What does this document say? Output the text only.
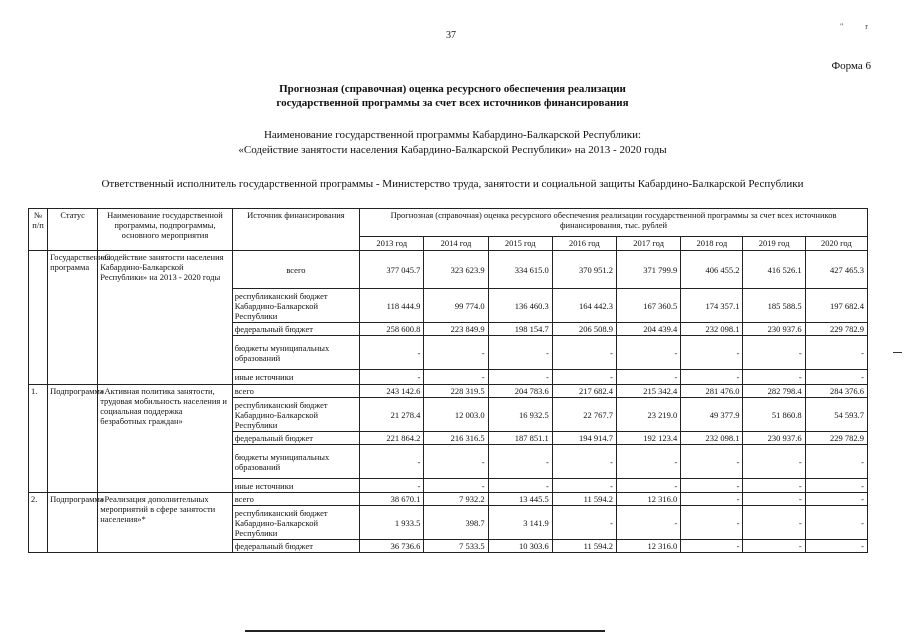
37
" r
Форма 6
Прогнозная (справочная) оценка ресурсного обеспечения реализации
государственной программы за счет всех источников финансирования
Наименование государственной программы Кабардино-Балкарской Республики:
«Содействие занятости населения Кабардино-Балкарской Республики» на 2013 - 2020 годы
Ответственный исполнитель государственной программы - Министерство труда, занятости и социальной защиты Кабардино-Балкарской Республики
№ п/п	Статус	Наименование государственной программы, подпрограммы, основного мероприятия	Источник финансирования	Прогнозная (справочная) оценка ресурсного обеспечения реализации государственной программы за счет всех источников финансирования, тыс. рублей							
				2013 год	2014 год	2015 год	2016 год	2017 год	2018 год	2019 год	2020 год
	Государственная программа	«Содействие занятости населения Кабардино-Балкарской Республики» на 2013 - 2020 годы	всего	377 045.7	323 623.9	334 615.0	370 951.2	371 799.9	406 455.2	416 526.1	427 465.3
			республиканский бюджет Кабардино-Балкарской Республики	118 444.9	99 774.0	136 460.3	164 442.3	167 360.5	174 357.1	185 588.5	197 682.4
			федеральный бюджет	258 600.8	223 849.9	198 154.7	206 508.9	204 439.4	232 098.1	230 937.6	229 782.9
			бюджеты муниципальных образований	-	-	-	-	-	-	-	-
			иные источники	-	-	-	-	-	-	-	-
1.	Подпрограмма	«Активная политика занятости, трудовая мобильность населения и социальная поддержка безработных граждан»	всего	243 142.6	228 319.5	204 783.6	217 682.4	215 342.4	281 476.0	282 798.4	284 376.6
			республиканский бюджет Кабардино-Балкарской Республики	21 278.4	12 003.0	16 932.5	22 767.7	23 219.0	49 377.9	51 860.8	54 593.7
			федеральный бюджет	221 864.2	216 316.5	187 851.1	194 914.7	192 123.4	232 098.1	230 937.6	229 782.9
			бюджеты муниципальных образований	-	-	-	-	-	-	-	-
			иные источники	-	-	-	-	-	-	-	-
2.	Подпрограмма	«Реализация дополнительных мероприятий в сфере занятости населения»*	всего	38 670.1	7 932.2	13 445.5	11 594.2	12 316.0	-	-	-
			республиканский бюджет Кабардино-Балкарской Республики	1 933.5	398.7	3 141.9	-	-	-	-	-
			федеральный бюджет	36 736.6	7 533.5	10 303.6	11 594.2	12 316.0	-	-	-
